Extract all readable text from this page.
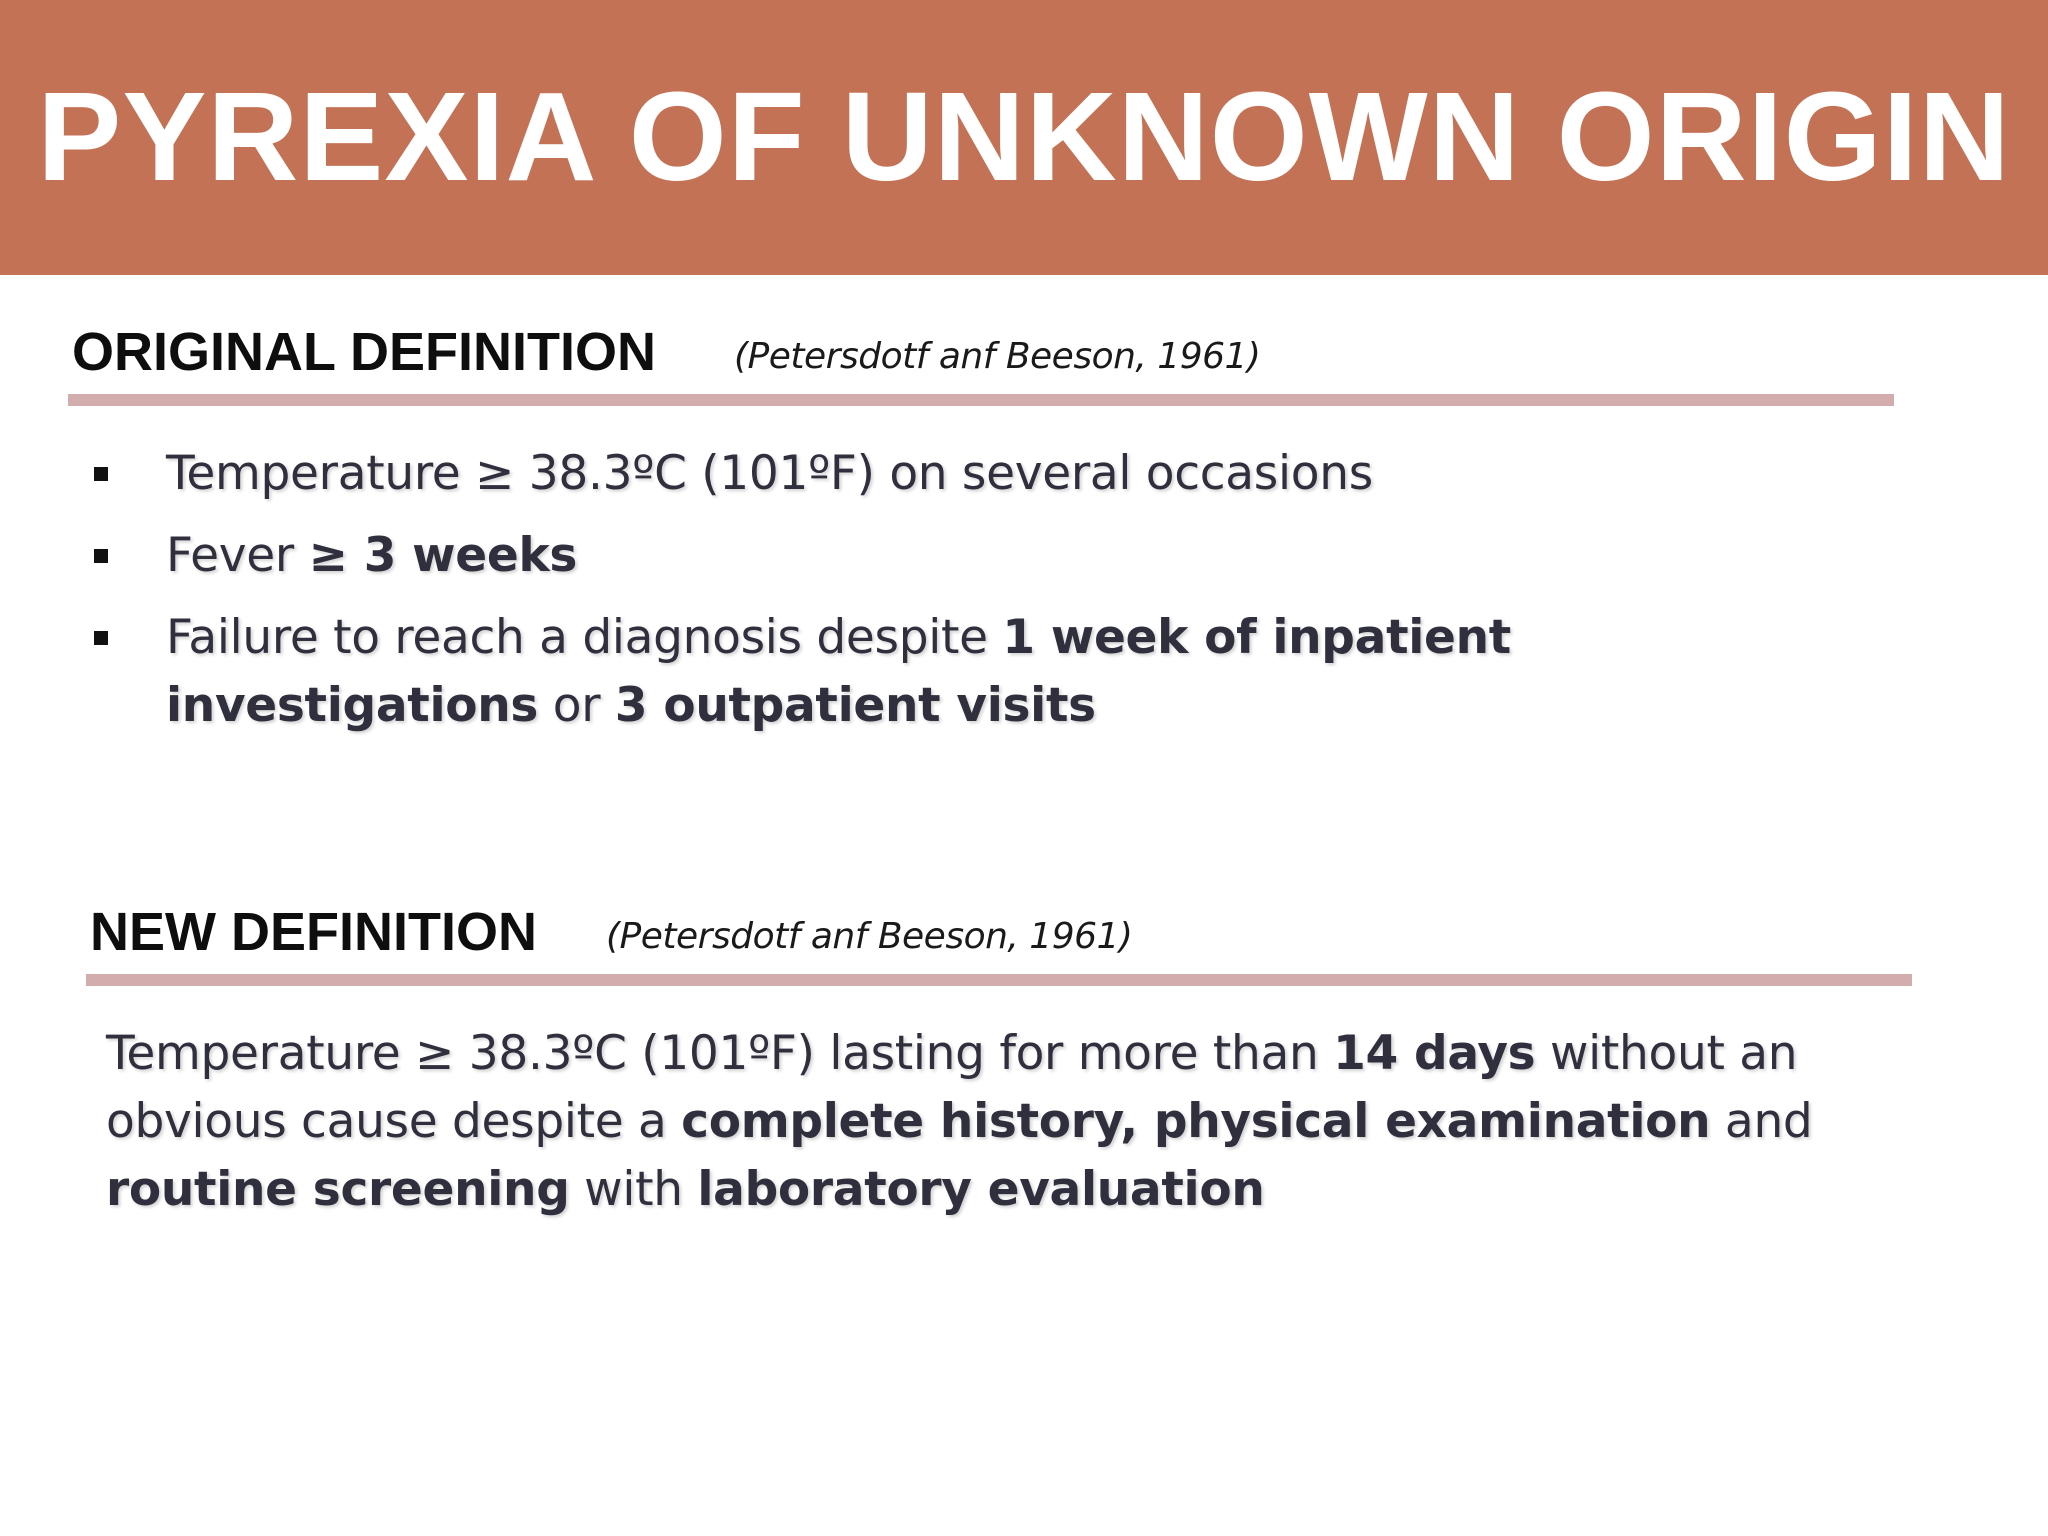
PYREXIA OF UNKNOWN ORIGIN
ORIGINAL DEFINITION (Petersdotf anf Beeson, 1961)
Temperature ≥ 38.3ºC (101ºF) on several occasions
Fever ≥ 3 weeks
Failure to reach a diagnosis despite 1 week of inpatient investigations or 3 outpatient visits
NEW DEFINITION (Petersdotf anf Beeson, 1961)
Temperature ≥ 38.3ºC (101ºF) lasting for more than 14 days without an obvious cause despite a complete history, physical examination and routine screening with laboratory evaluation
